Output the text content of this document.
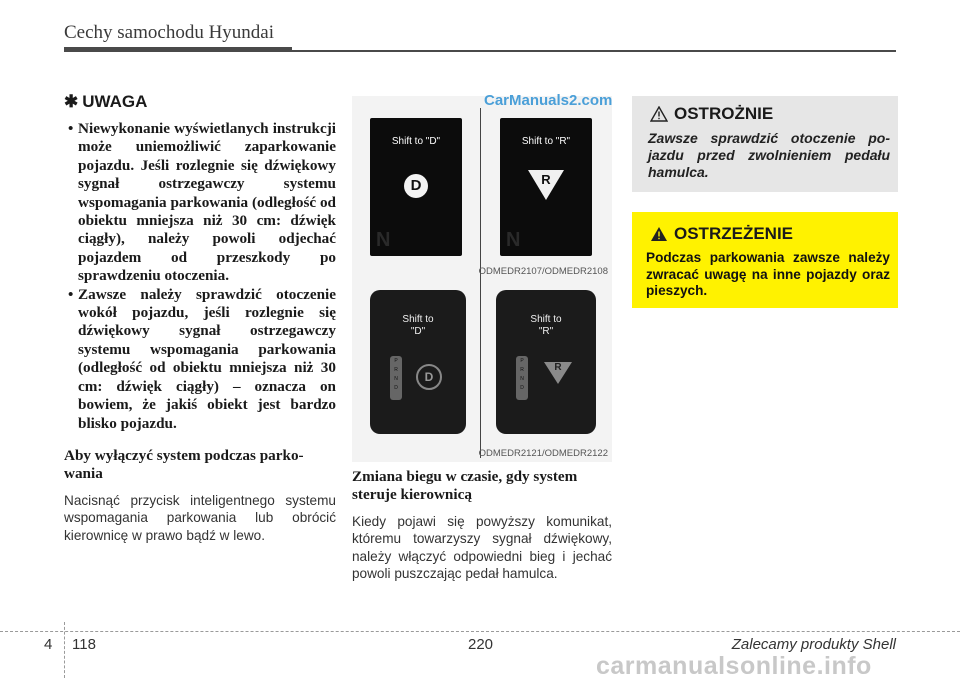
Cechy samochodu Hyundai
✱ UWAGA
• Niewykonanie wyświetlanych instrukcji może uniemożliwić zaparkowanie pojazdu. Jeśli rozlegnie się dźwiękowy sygnał ostrzegawczy systemu wspomagania parkowania (odległość od obiektu mniejsza niż 30 cm: dźwięk ciągły), należy powoli odjechać pojazdem od przeszkody po sprawdzeniu otoczenia.
• Zawsze należy sprawdzić otoczenie wokół pojazdu, jeśli rozlegnie się dźwiękowy sygnał ostrzegawczy systemu wspomagania parkowania (odległość od obiektu mniejsza niż 30 cm: dźwięk ciągły) – oznacza on bowiem, że jakiś obiekt jest bardzo blisko pojazdu.
Aby wyłączyć system podczas parkowania
Nacisnąć przycisk inteligentnego systemu wspomagania parkowania lub obrócić kierownicę w prawo bądź w lewo.
CarManuals2.com
Shift to "D"
D
N
Shift to "R"
R
N
ODMEDR2107/ODMEDR2108
Shift to
"D"
P
R
N
D
D
Shift to
"R"
P
R
N
D
R
ODMEDR2121/ODMEDR2122
Zmiana biegu w czasie, gdy system steruje kierownicą
Kiedy pojawi się powyższy komunikat, któremu towarzyszy sygnał dźwiękowy, należy włączyć odpowiedni bieg i jechać powoli puszczając pedał hamulca.
OSTROŻNIE
Zawsze sprawdzić otoczenie pojazdu przed zwolnieniem pedału hamulca.
OSTRZEŻENIE
Podczas parkowania zawsze należy zwracać uwagę na inne pojazdy oraz pieszych.
4 118	220	Zalecamy produkty Shell
carmanualsonline.info
